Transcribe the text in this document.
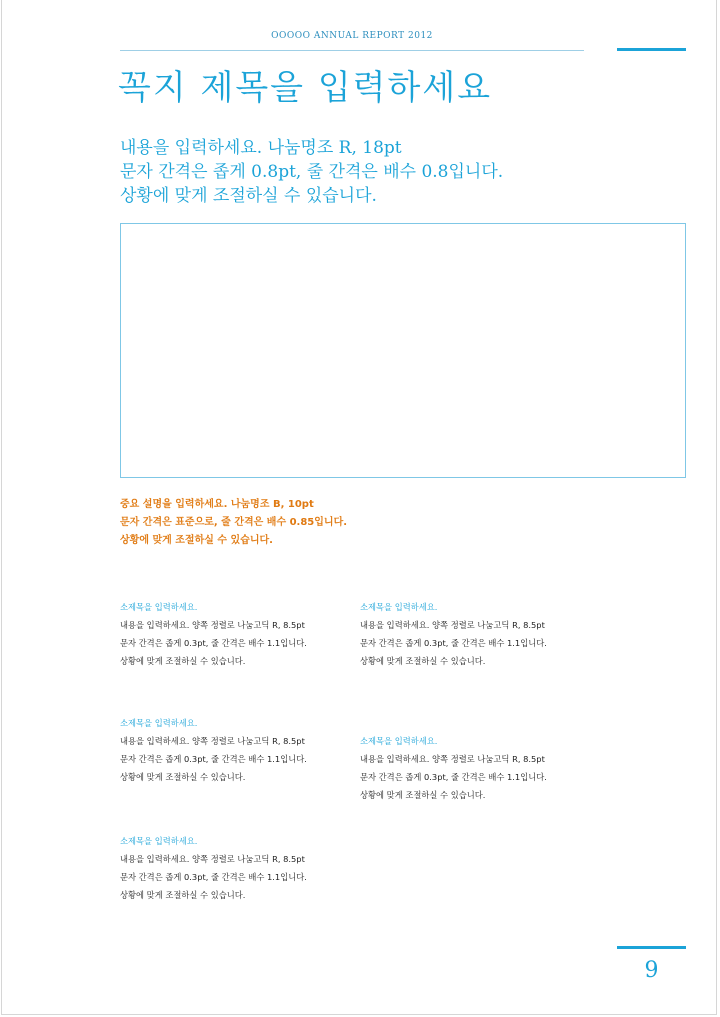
OOOOO ANNUAL REPORT 2012
꼭지 제목을 입력하세요
내용을 입력하세요. 나눔명조 R, 18pt
문자 간격은 좁게 0.8pt, 줄 간격은 배수 0.8입니다.
상황에 맞게 조절하실 수 있습니다.
중요 설명을 입력하세요. 나눔명조 B, 10pt
문자 간격은 표준으로, 줄 간격은 배수 0.85입니다.
상황에 맞게 조절하실 수 있습니다.
소제목을 입력하세요.
내용을 입력하세요. 양쪽 정렬로 나눔고딕 R, 8.5pt
문자 간격은 좁게 0.3pt, 줄 간격은 배수 1.1입니다.
상황에 맞게 조절하실 수 있습니다.
소제목을 입력하세요.
내용을 입력하세요. 양쪽 정렬로 나눔고딕 R, 8.5pt
문자 간격은 좁게 0.3pt, 줄 간격은 배수 1.1입니다.
상황에 맞게 조절하실 수 있습니다.
소제목을 입력하세요.
내용을 입력하세요. 양쪽 정렬로 나눔고딕 R, 8.5pt
문자 간격은 좁게 0.3pt, 줄 간격은 배수 1.1입니다.
상황에 맞게 조절하실 수 있습니다.
소제목을 입력하세요.
내용을 입력하세요. 양쪽 정렬로 나눔고딕 R, 8.5pt
문자 간격은 좁게 0.3pt, 줄 간격은 배수 1.1입니다.
상황에 맞게 조절하실 수 있습니다.
소제목을 입력하세요.
내용을 입력하세요. 양쪽 정렬로 나눔고딕 R, 8.5pt
문자 간격은 좁게 0.3pt, 줄 간격은 배수 1.1입니다.
상황에 맞게 조절하실 수 있습니다.
9
